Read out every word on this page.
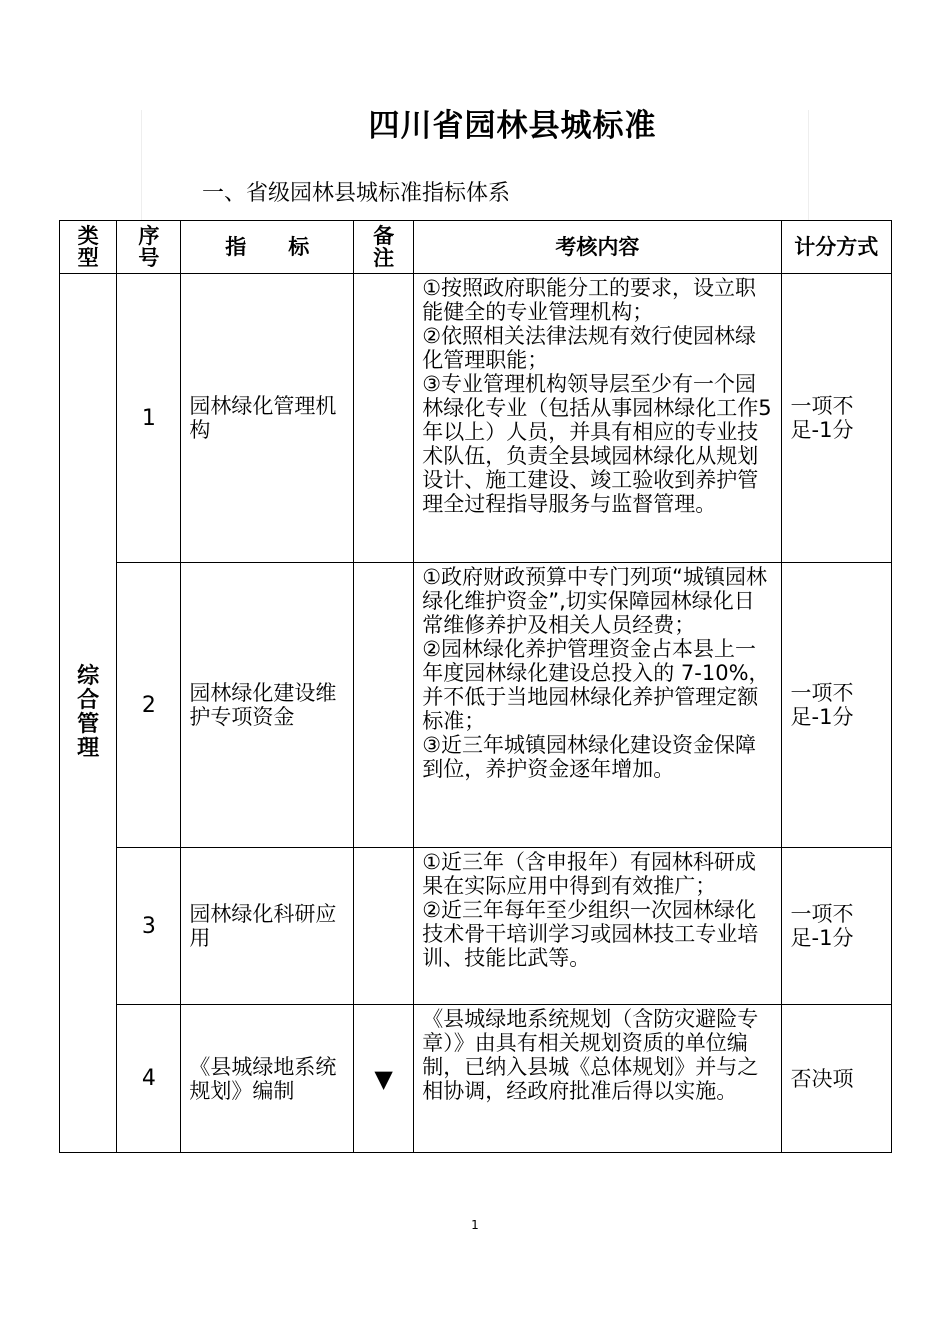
四川省园林县城标准
一、省级园林县城标准指标体系
类型	序号	指　　标	备注	考核内容	计分方式
综合管理	1	园林绿化管理机构		①按照政府职能分工的要求，设立职能健全的专业管理机构；
②依照相关法律法规有效行使园林绿化管理职能；
③专业管理机构领导层至少有一个园林绿化专业（包括从事园林绿化工作5年以上）人员，并具有相应的专业技术队伍，负责全县域园林绿化从规划设计、施工建设、竣工验收到养护管理全过程指导服务与监督管理。	一项不足-1分
	2	园林绿化建设维护专项资金		①政府财政预算中专门列项“城镇园林绿化维护资金”,切实保障园林绿化日常维修养护及相关人员经费；
②园林绿化养护管理资金占本县上一年度园林绿化建设总投入的 7-10%，并不低于当地园林绿化养护管理定额标准；
③近三年城镇园林绿化建设资金保障到位，养护资金逐年增加。	一项不足-1分
	3	园林绿化科研应用		①近三年（含申报年）有园林科研成果在实际应用中得到有效推广；
②近三年每年至少组织一次园林绿化技术骨干培训学习或园林技工专业培训、技能比武等。	一项不足-1分
	4	《县城绿地系统规划》编制	▼	《县城绿地系统规划（含防灾避险专章）》由具有相关规划资质的单位编制，已纳入县城《总体规划》并与之相协调，经政府批准后得以实施。	否决项
1
